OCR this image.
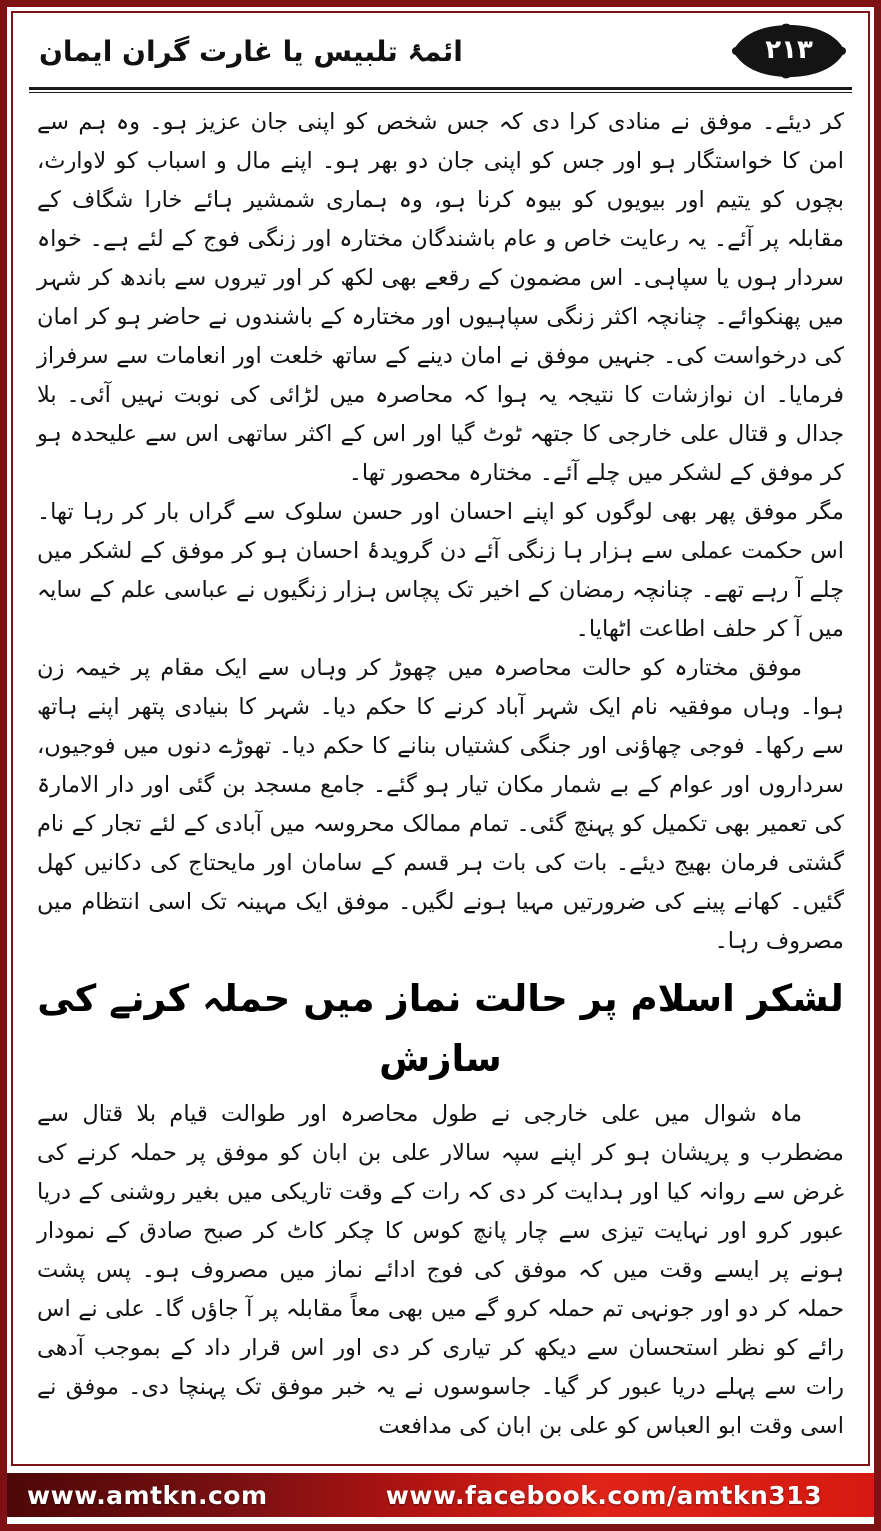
٢١٣
ائمۂ تلبیس یا غارت گران ایمان

کر دیئے۔ موفق نے منادی کرا دی کہ جس شخص کو اپنی جان عزیز ہو۔ وہ ہم سے امن کا خواستگار ہو اور جس کو اپنی جان دو بھر ہو۔ اپنے مال و اسباب کو لاوارث، بچوں کو یتیم اور بیویوں کو بیوہ کرنا ہو، وہ ہماری شمشیر ہائے خارا شگاف کے مقابلہ پر آئے۔ یہ رعایت خاص و عام باشندگان مختارہ اور زنگی فوج کے لئے ہے۔ خواہ سردار ہوں یا سپاہی۔ اس مضمون کے رقعے بھی لکھ کر اور تیروں سے باندھ کر شہر میں پھنکوائے۔ چنانچہ اکثر زنگی سپاہیوں اور مختارہ کے باشندوں نے حاضر ہو کر امان کی درخواست کی۔ جنہیں موفق نے امان دینے کے ساتھ خلعت اور انعامات سے سرفراز فرمایا۔ ان نوازشات کا نتیجہ یہ ہوا کہ محاصرہ میں لڑائی کی نوبت نہیں آئی۔ بلا جدال و قتال علی خارجی کا جتھہ ٹوٹ گیا اور اس کے اکثر ساتھی اس سے علیحدہ ہو کر موفق کے لشکر میں چلے آئے۔ مختارہ محصور تھا۔

مگر موفق پھر بھی لوگوں کو اپنے احسان اور حسن سلوک سے گراں بار کر رہا تھا۔ اس حکمت عملی سے ہزار ہا زنگی آئے دن گرویدۂ احسان ہو کر موفق کے لشکر میں چلے آ رہے تھے۔ چنانچہ رمضان کے اخیر تک پچاس ہزار زنگیوں نے عباسی علم کے سایہ میں آ کر حلف اطاعت اٹھایا۔

موفق مختارہ کو حالت محاصرہ میں چھوڑ کر وہاں سے ایک مقام پر خیمہ زن ہوا۔ وہاں موفقیہ نام ایک شہر آباد کرنے کا حکم دیا۔ شہر کا بنیادی پتھر اپنے ہاتھ سے رکھا۔ فوجی چھاؤنی اور جنگی کشتیاں بنانے کا حکم دیا۔ تھوڑے دنوں میں فوجیوں، سرداروں اور عوام کے بے شمار مکان تیار ہو گئے۔ جامع مسجد بن گئی اور دار الامارۃ کی تعمیر بھی تکمیل کو پہنچ گئی۔ تمام ممالک محروسہ میں آبادی کے لئے تجار کے نام گشتی فرمان بھیج دیئے۔ بات کی بات ہر قسم کے سامان اور مایحتاج کی دکانیں کھل گئیں۔ کھانے پینے کی ضرورتیں مہیا ہونے لگیں۔ موفق ایک مہینہ تک اسی انتظام میں مصروف رہا۔

لشکر اسلام پر حالت نماز میں حملہ کرنے کی سازش

ماہ شوال میں علی خارجی نے طول محاصرہ اور طوالت قیام بلا قتال سے مضطرب و پریشان ہو کر اپنے سپہ سالار علی بن ابان کو موفق پر حملہ کرنے کی غرض سے روانہ کیا اور ہدایت کر دی کہ رات کے وقت تاریکی میں بغیر روشنی کے دریا عبور کرو اور نہایت تیزی سے چار پانچ کوس کا چکر کاٹ کر صبح صادق کے نمودار ہونے پر ایسے وقت میں کہ موفق کی فوج ادائے نماز میں مصروف ہو۔ پس پشت حملہ کر دو اور جونہی تم حملہ کرو گے میں بھی معاً مقابلہ پر آ جاؤں گا۔ علی نے اس رائے کو نظر استحسان سے دیکھ کر تیاری کر دی اور اس قرار داد کے بموجب آدھی رات سے پہلے دریا عبور کر گیا۔ جاسوسوں نے یہ خبر موفق تک پہنچا دی۔ موفق نے اسی وقت ابو العباس کو علی بن ابان کی مدافعت

www.amtkn.com	www.facebook.com/amtkn313
